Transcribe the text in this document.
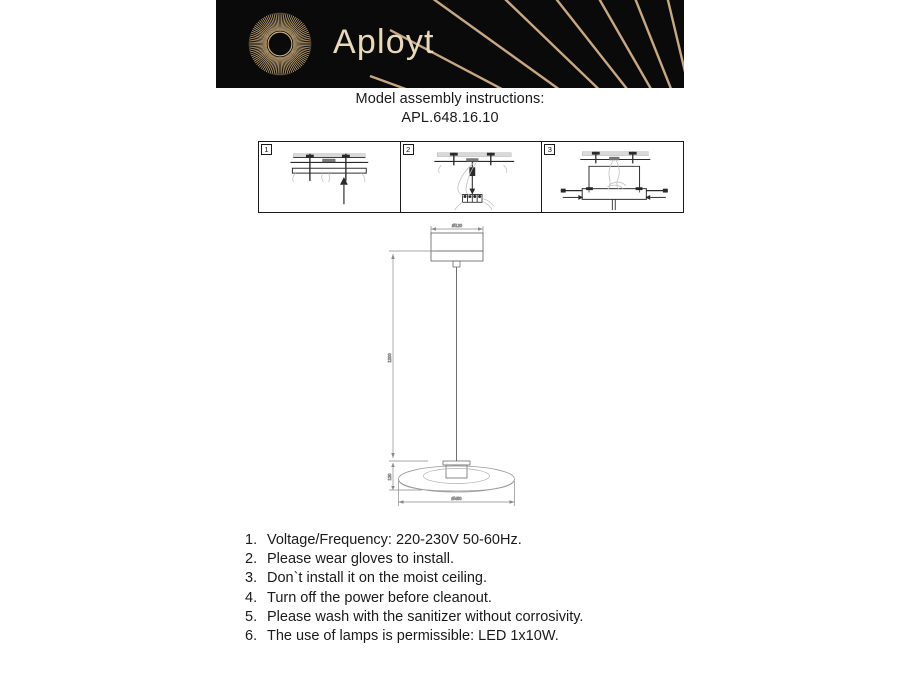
Aployt
Model assembly instructions:
APL.648.16.10
1	2	3
Ø120
1200
120
Ø450
1. Voltage/Frequency: 220-230V 50-60Hz.
2. Please wear gloves to install.
3. Don`t install it on the moist ceiling.
4. Turn off the power before cleanout.
5. Please wash with the sanitizer without corrosivity.
6. The use of lamps is permissible: LED 1x10W.
